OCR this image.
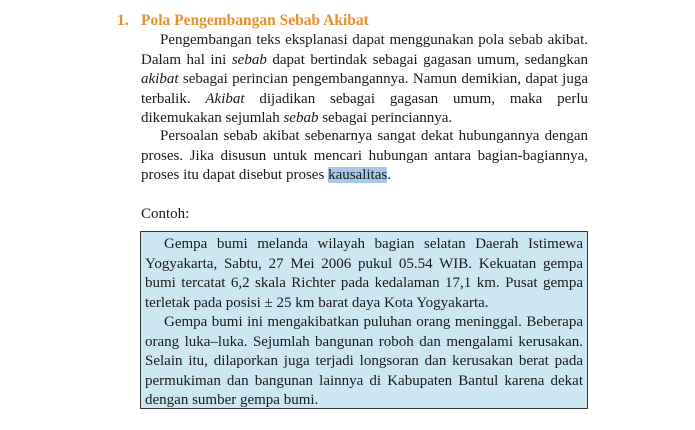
1. Pola Pengembangan Sebab Akibat

Pengembangan teks eksplanasi dapat menggunakan pola sebab akibat. Dalam hal ini sebab dapat bertindak sebagai gagasan umum, sedangkan akibat sebagai perincian pengembangannya. Namun demikian, dapat juga terbalik. Akibat dijadikan sebagai gagasan umum, maka perlu dikemukakan sejumlah sebab sebagai perinciannya.

Persoalan sebab akibat sebenarnya sangat dekat hubungannya dengan proses. Jika disusun untuk mencari hubungan antara bagian-bagiannya, proses itu dapat disebut proses kausalitas.

Contoh:

Gempa bumi melanda wilayah bagian selatan Daerah Istimewa Yogyakarta, Sabtu, 27 Mei 2006 pukul 05.54 WIB. Kekuatan gempa bumi tercatat 6,2 skala Richter pada kedalaman 17,1 km. Pusat gempa terletak pada posisi ± 25 km barat daya Kota Yogyakarta.

Gempa bumi ini mengakibatkan puluhan orang meninggal. Beberapa orang luka–luka. Sejumlah bangunan roboh dan mengalami kerusakan. Selain itu, dilaporkan juga terjadi longsoran dan kerusakan berat pada permukiman dan bangunan lainnya di Kabupaten Bantul karena dekat dengan sumber gempa bumi.
